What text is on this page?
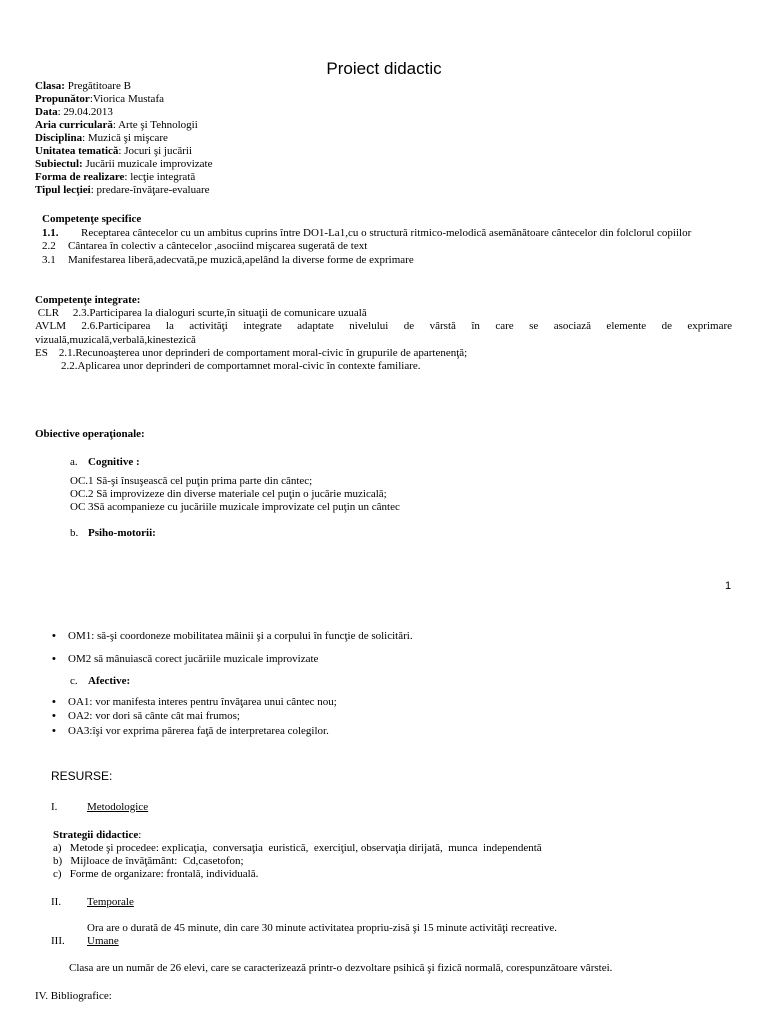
Proiect didactic
Clasa: Pregătitoare B
Propunător:Viorica Mustafa
Data: 29.04.2013
Aria curriculară: Arte şi Tehnologii
Disciplina: Muzică şi mişcare
Unitatea tematică: Jocuri şi jucării
Subiectul: Jucării muzicale improvizate
Forma de realizare: lecţie integrată
Tipul lecţiei: predare-învăţare-evaluare
Competenţe specifice
1.1. Receptarea cântecelor cu un ambitus cuprins între DO1-La1,cu o structură ritmico-melodică asemănătoare cântecelor din folclorul copiilor
2.2 Cântarea în colectiv a cântecelor ,asociind mişcarea sugerată de text
3.1 Manifestarea liberă,adecvată,pe muzică,apelând la diverse forme de exprimare
Competenţe integrate:
CLR     2.3.Participarea la dialoguri scurte,în situaţii de comunicare uzuală
AVLM 2.6.Participarea la activităţi integrate adaptate nivelului de vârstă în care se asociază elemente de exprimare
vizuală,muzicală,verbală,kinestezică
ES    2.1.Recunoaşterea unor deprinderi de comportament moral-civic în grupurile de apartenenţă;
2.2.Aplicarea unor deprinderi de comportamnet moral-civic în contexte familiare.
Obiective operaţionale:
a. Cognitive :
OC.1 Să-şi însuşească cel puţin prima parte din cântec;
OC.2 Să improvizeze din diverse materiale cel puţin o jucărie muzicală;
OC 3Să acompanieze cu jucăriile muzicale improvizate cel puţin un cântec
b. Psiho-motorii:
1
• OM1: să-şi coordoneze mobilitatea mâinii şi a corpului în funcţie de solicitări.
• OM2 să mânuiască corect jucăriile muzicale improvizate
c. Afective:
• OA1: vor manifesta interes pentru învăţarea unui cântec nou;
• OA2: vor dori să cânte cât mai frumos;
• OA3:îşi vor exprima părerea faţă de interpretarea colegilor.
RESURSE:
I.	Metodologice
Strategii didactice:
a)   Metode şi procedee: explicaţia,  conversaţia  euristică,  exerciţiul, observaţia dirijată,  munca  independentă
b)   Mijloace de învăţământ:  Cd,casetofon;
c)   Forme de organizare: frontală, individuală.
II. Temporale
Ora are o durată de 45 minute, din care 30 minute activitatea propriu-zisă şi 15 minute activităţi recreative.
III. Umane
Clasa are un număr de 26 elevi, care se caracterizează printr-o dezvoltare psihică şi fizică normală, corespunzătoare vârstei.
IV. Bibliografice:
